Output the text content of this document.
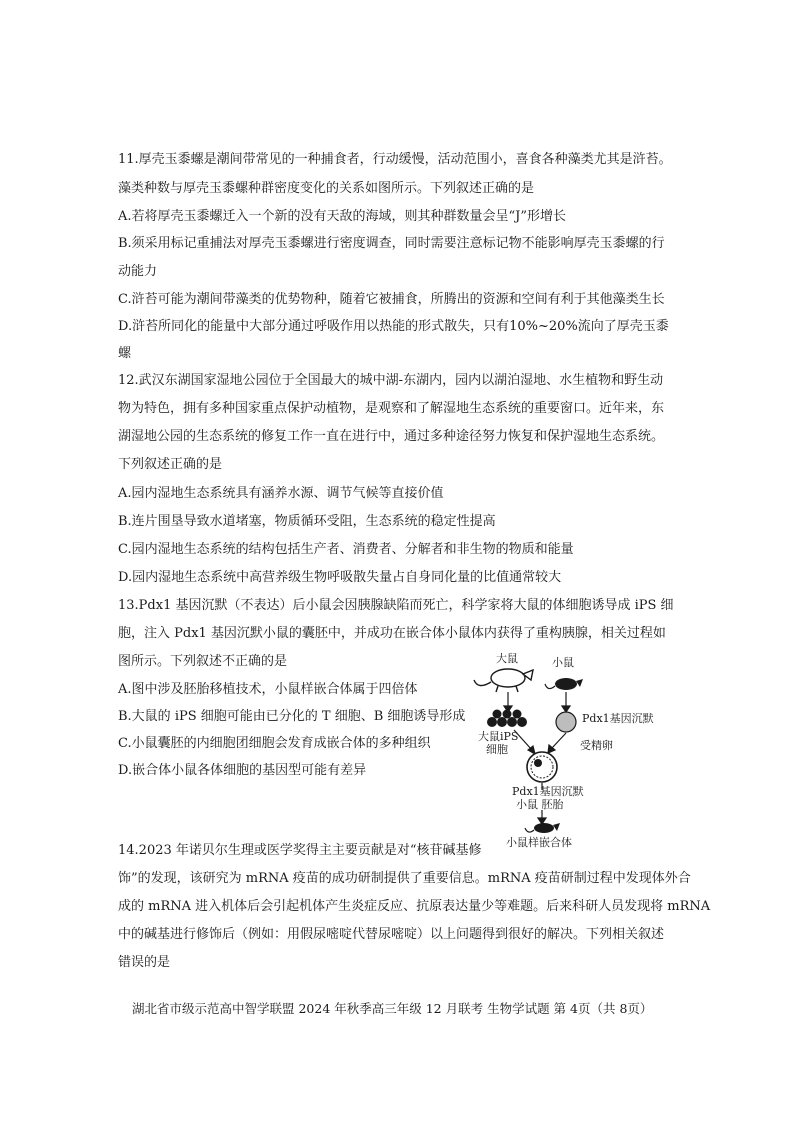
11.厚壳玉黍螺是潮间带常见的一种捕食者，行动缓慢，活动范围小，喜食各种藻类尤其是浒苔。
藻类种数与厚壳玉黍螺种群密度变化的关系如图所示。下列叙述正确的是
A.若将厚壳玉黍螺迁入一个新的没有天敌的海域，则其种群数量会呈“J”形增长
B.须采用标记重捕法对厚壳玉黍螺进行密度调查，同时需要注意标记物不能影响厚壳玉黍螺的行
动能力
C.浒苔可能为潮间带藻类的优势物种，随着它被捕食，所腾出的资源和空间有利于其他藻类生长
D.浒苔所同化的能量中大部分通过呼吸作用以热能的形式散失，只有10%~20%流向了厚壳玉黍
螺
12.武汉东湖国家湿地公园位于全国最大的城中湖-东湖内，园内以湖泊湿地、水生植物和野生动
物为特色，拥有多种国家重点保护动植物，是观察和了解湿地生态系统的重要窗口。近年来，东
湖湿地公园的生态系统的修复工作一直在进行中，通过多种途径努力恢复和保护湿地生态系统。
下列叙述正确的是
A.园内湿地生态系统具有涵养水源、调节气候等直接价值
B.连片围垦导致水道堵塞，物质循环受阻，生态系统的稳定性提高
C.园内湿地生态系统的结构包括生产者、消费者、分解者和非生物的物质和能量
D.园内湿地生态系统中高营养级生物呼吸散失量占自身同化量的比值通常较大
13.Pdx1 基因沉默（不表达）后小鼠会因胰腺缺陷而死亡，科学家将大鼠的体细胞诱导成 iPS 细
胞，注入 Pdx1 基因沉默小鼠的囊胚中，并成功在嵌合体小鼠体内获得了重构胰腺，相关过程如
图所示。下列叙述不正确的是
A.图中涉及胚胎移植技术，小鼠样嵌合体属于四倍体
B.大鼠的 iPS 细胞可能由已分化的 T 细胞、B 细胞诱导形成
C.小鼠囊胚的内细胞团细胞会发育成嵌合体的多种组织
D.嵌合体小鼠各体细胞的基因型可能有差异
大鼠	小鼠
Pdx1基因沉默
大鼠iPS
细胞	受精卵
Pdx1基因沉默
小鼠 胚胎
小鼠样嵌合体
14.2023 年诺贝尔生理或医学奖得主主要贡献是对“核苷碱基修
饰”的发现，该研究为 mRNA 疫苗的成功研制提供了重要信息。mRNA 疫苗研制过程中发现体外合
成的 mRNA 进入机体后会引起机体产生炎症反应、抗原表达量少等难题。后来科研人员发现将 mRNA
中的碱基进行修饰后（例如：用假尿嘧啶代替尿嘧啶）以上问题得到很好的解决。下列相关叙述
错误的是
湖北省市级示范高中智学联盟 2024 年秋季高三年级 12 月联考 生物学试题 第 4页（共 8页）
